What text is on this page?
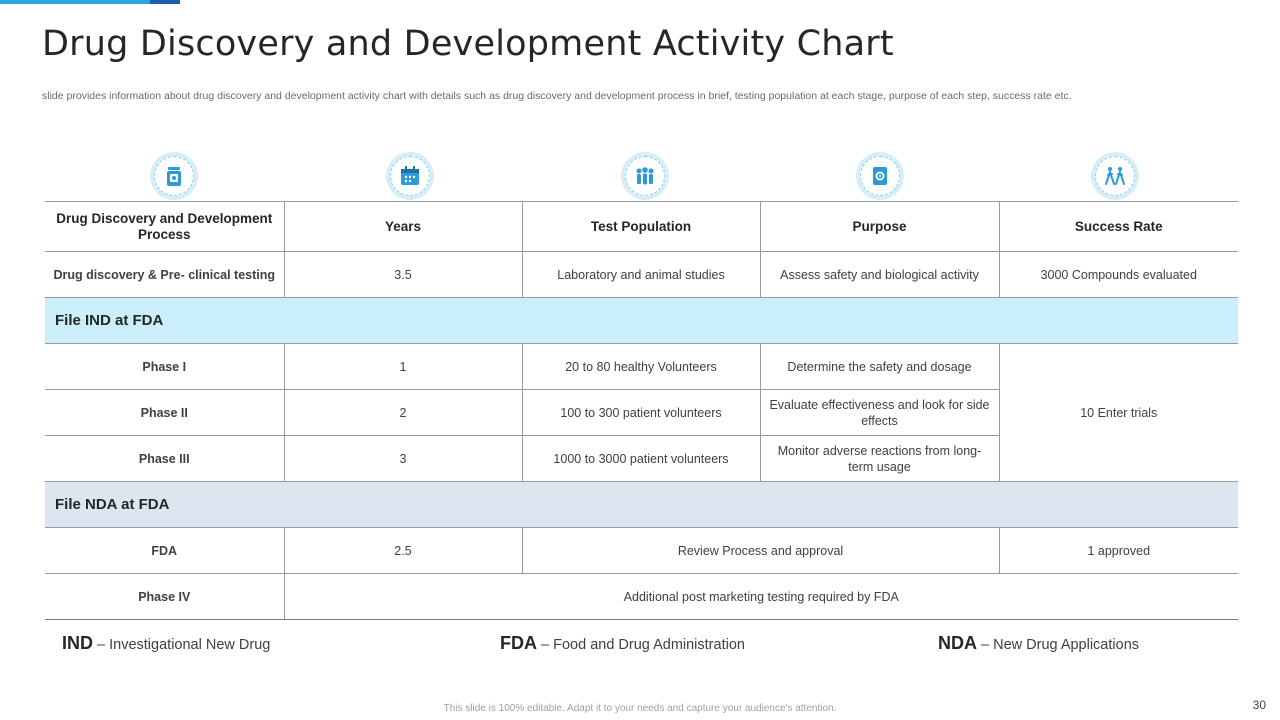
Drug Discovery and Development Activity Chart
slide provides information about drug discovery and development activity chart with details such as drug discovery and development process in brief, testing population at each stage, purpose of each step, success rate etc.
Drug Discovery and Development Process	Years	Test Population	Purpose	Success Rate
Drug discovery & Pre- clinical testing	3.5	Laboratory and animal studies	Assess safety and biological activity	3000 Compounds evaluated
File IND at FDA				
Phase I	1	20 to 80 healthy Volunteers	Determine the safety and dosage	10 Enter trials
Phase II	2	100 to 300 patient volunteers	Evaluate effectiveness and look for side effects	
Phase III	3	1000 to 3000 patient volunteers	Monitor adverse reactions from long-term usage	
File NDA at FDA				
FDA	2.5	Review Process and approval		1 approved
Phase IV	Additional post marketing testing required by FDA			
IND – Investigational New Drug	FDA – Food and Drug Administration	NDA – New Drug Applications
This slide is 100% editable. Adapt it to your needs and capture your audience's attention.	30
